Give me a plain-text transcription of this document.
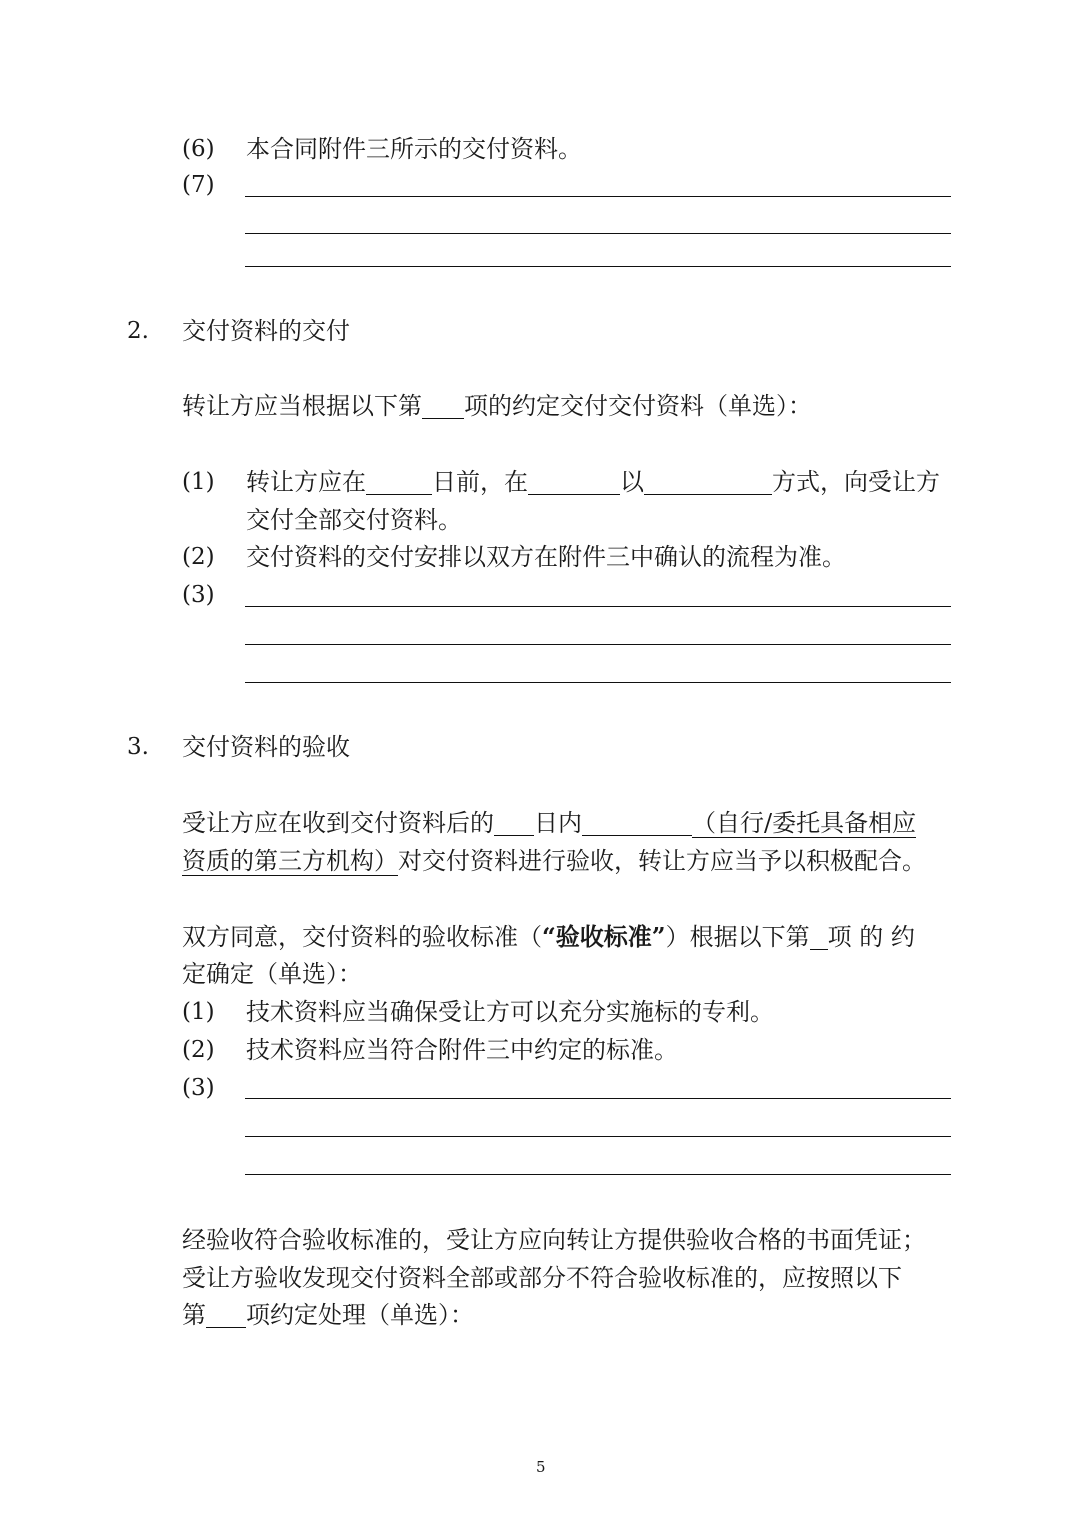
(6) 本合同附件三所示的交付资料。
(7)
2. 交付资料的交付
转让方应当根据以下第 项的约定交付交付资料（单选）：
(1) 转让方应在	日前，在	以	方式，向受让方
交付全部交付资料。
(2) 交付资料的交付安排以双方在附件三中确认的流程为准。
(3)
3. 交付资料的验收
受让方应在收到交付资料后的 日内	（自行/委托具备相应
资质的第三方机构）对交付资料进行验收，转让方应当予以积极配合。
双方同意，交付资料的验收标准（“验收标准”）根据以下第 项 的 约
定确定（单选）：
(1) 技术资料应当确保受让方可以充分实施标的专利。
(2) 技术资料应当符合附件三中约定的标准。
(3)
经验收符合验收标准的，受让方应向转让方提供验收合格的书面凭证；
受让方验收发现交付资料全部或部分不符合验收标准的，应按照以下
第 项约定处理（单选）：
5
